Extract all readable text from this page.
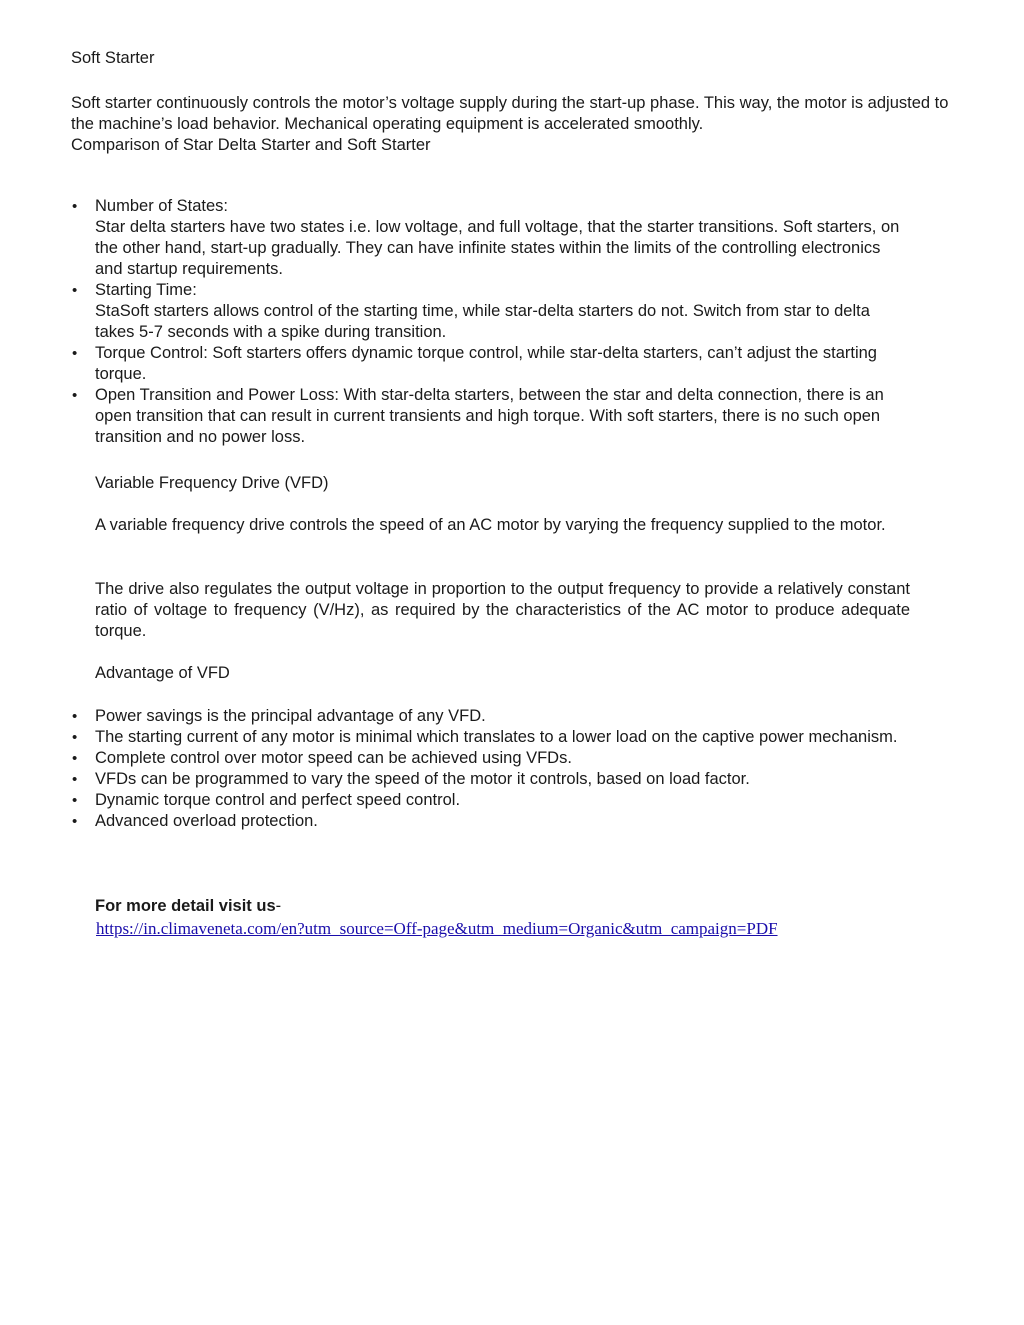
Soft Starter

Soft starter continuously controls the motor’s voltage supply during the start-up phase. This way, the motor is adjusted to the machine’s load behavior. Mechanical operating equipment is accelerated smoothly.

Comparison of Star Delta Starter and Soft Starter

•	Number of States:
Star delta starters have two states i.e. low voltage, and full voltage, that the starter transitions. Soft starters, on the other hand, start-up gradually. They can have infinite states within the limits of the controlling electronics and startup requirements.
•	Starting Time:
StaSoft starters allows control of the starting time, while star-delta starters do not. Switch from star to delta takes 5-7 seconds with a spike during transition.
•	Torque Control: Soft starters offers dynamic torque control, while star-delta starters, can’t adjust the starting torque.
•	Open Transition and Power Loss: With star-delta starters, between the star and delta connection, there is an open transition that can result in current transients and high torque. With soft starters, there is no such open transition and no power loss.
Variable Frequency Drive (VFD)
A variable frequency drive controls the speed of an AC motor by varying the frequency supplied to the motor.
The drive also regulates the output voltage in proportion to the output frequency to provide a relatively constant ratio of voltage to frequency (V/Hz), as required by the characteristics of the AC motor to produce adequate torque.
Advantage of VFD
•	Power savings is the principal advantage of any VFD.
•	The starting current of any motor is minimal which translates to a lower load on the captive power mechanism.
•	Complete control over motor speed can be achieved using VFDs.
•	VFDs can be programmed to vary the speed of the motor it controls, based on load factor.
•	Dynamic torque control and perfect speed control.
•	Advanced overload protection.
For more detail visit us-
https://in.climaveneta.com/en?utm_source=Off-page&utm_medium=Organic&utm_campaign=PDF
